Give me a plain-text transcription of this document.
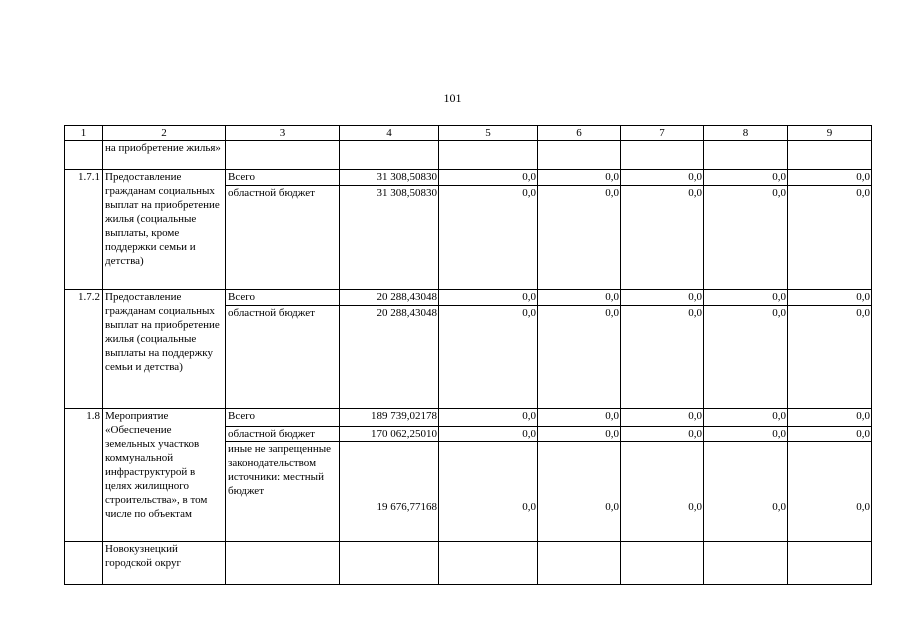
101
1	2	3	4	5	6	7	8	9
	на приобретение жилья»							
1.7.1	Предоставление гражданам социальных выплат на приобретение жилья (социальные выплаты, кроме поддержки семьи и детства)	Всего	31 308,50830	0,0	0,0	0,0	0,0	0,0
		областной бюджет	31 308,50830	0,0	0,0	0,0	0,0	0,0
1.7.2	Предоставление гражданам социальных выплат на приобретение жилья (социальные выплаты на поддержку семьи и детства)	Всего	20 288,43048	0,0	0,0	0,0	0,0	0,0
		областной бюджет	20 288,43048	0,0	0,0	0,0	0,0	0,0
1.8	Мероприятие «Обеспечение земельных участков коммунальной инфраструктурой в целях жилищного строительства», в том числе по объектам	Всего	189 739,02178	0,0	0,0	0,0	0,0	0,0
		областной бюджет	170 062,25010	0,0	0,0	0,0	0,0	0,0
		иные не запрещенные законодательством источники: местный бюджет	19 676,77168	0,0	0,0	0,0	0,0	0,0
	Новокузнецкий городской округ							
